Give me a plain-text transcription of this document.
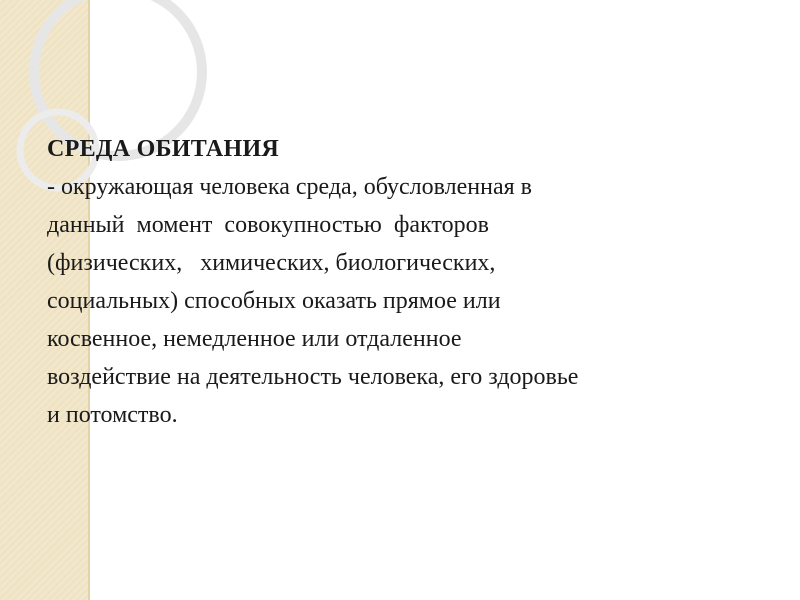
СРЕДА ОБИТАНИЯ
- окружающая человека среда, обусловленная в
данный  момент  совокупностью  факторов
(физических,   химических, биологических,
социальных) способных оказать прямое или
косвенное, немедленное или отдаленное
воздействие на деятельность человека, его здоровье
и потомство.
